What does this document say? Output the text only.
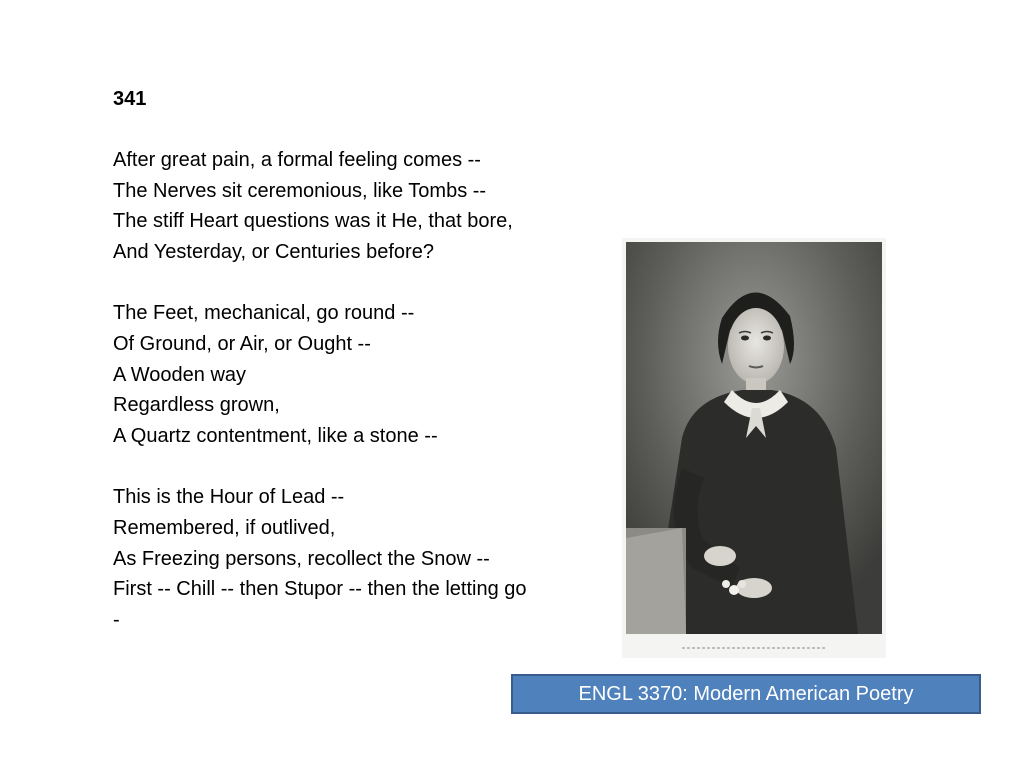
341
After great pain, a formal feeling comes --
The Nerves sit ceremonious, like Tombs --
The stiff Heart questions was it He, that bore,
And Yesterday, or Centuries before?
The Feet, mechanical, go round --
Of Ground, or Air, or Ought --
A Wooden way
Regardless grown,
A Quartz contentment, like a stone --
This is the Hour of Lead --
Remembered, if outlived,
As Freezing persons, recollect the Snow --
First -- Chill -- then Stupor -- then the letting go
-
ENGL 3370: Modern American Poetry
